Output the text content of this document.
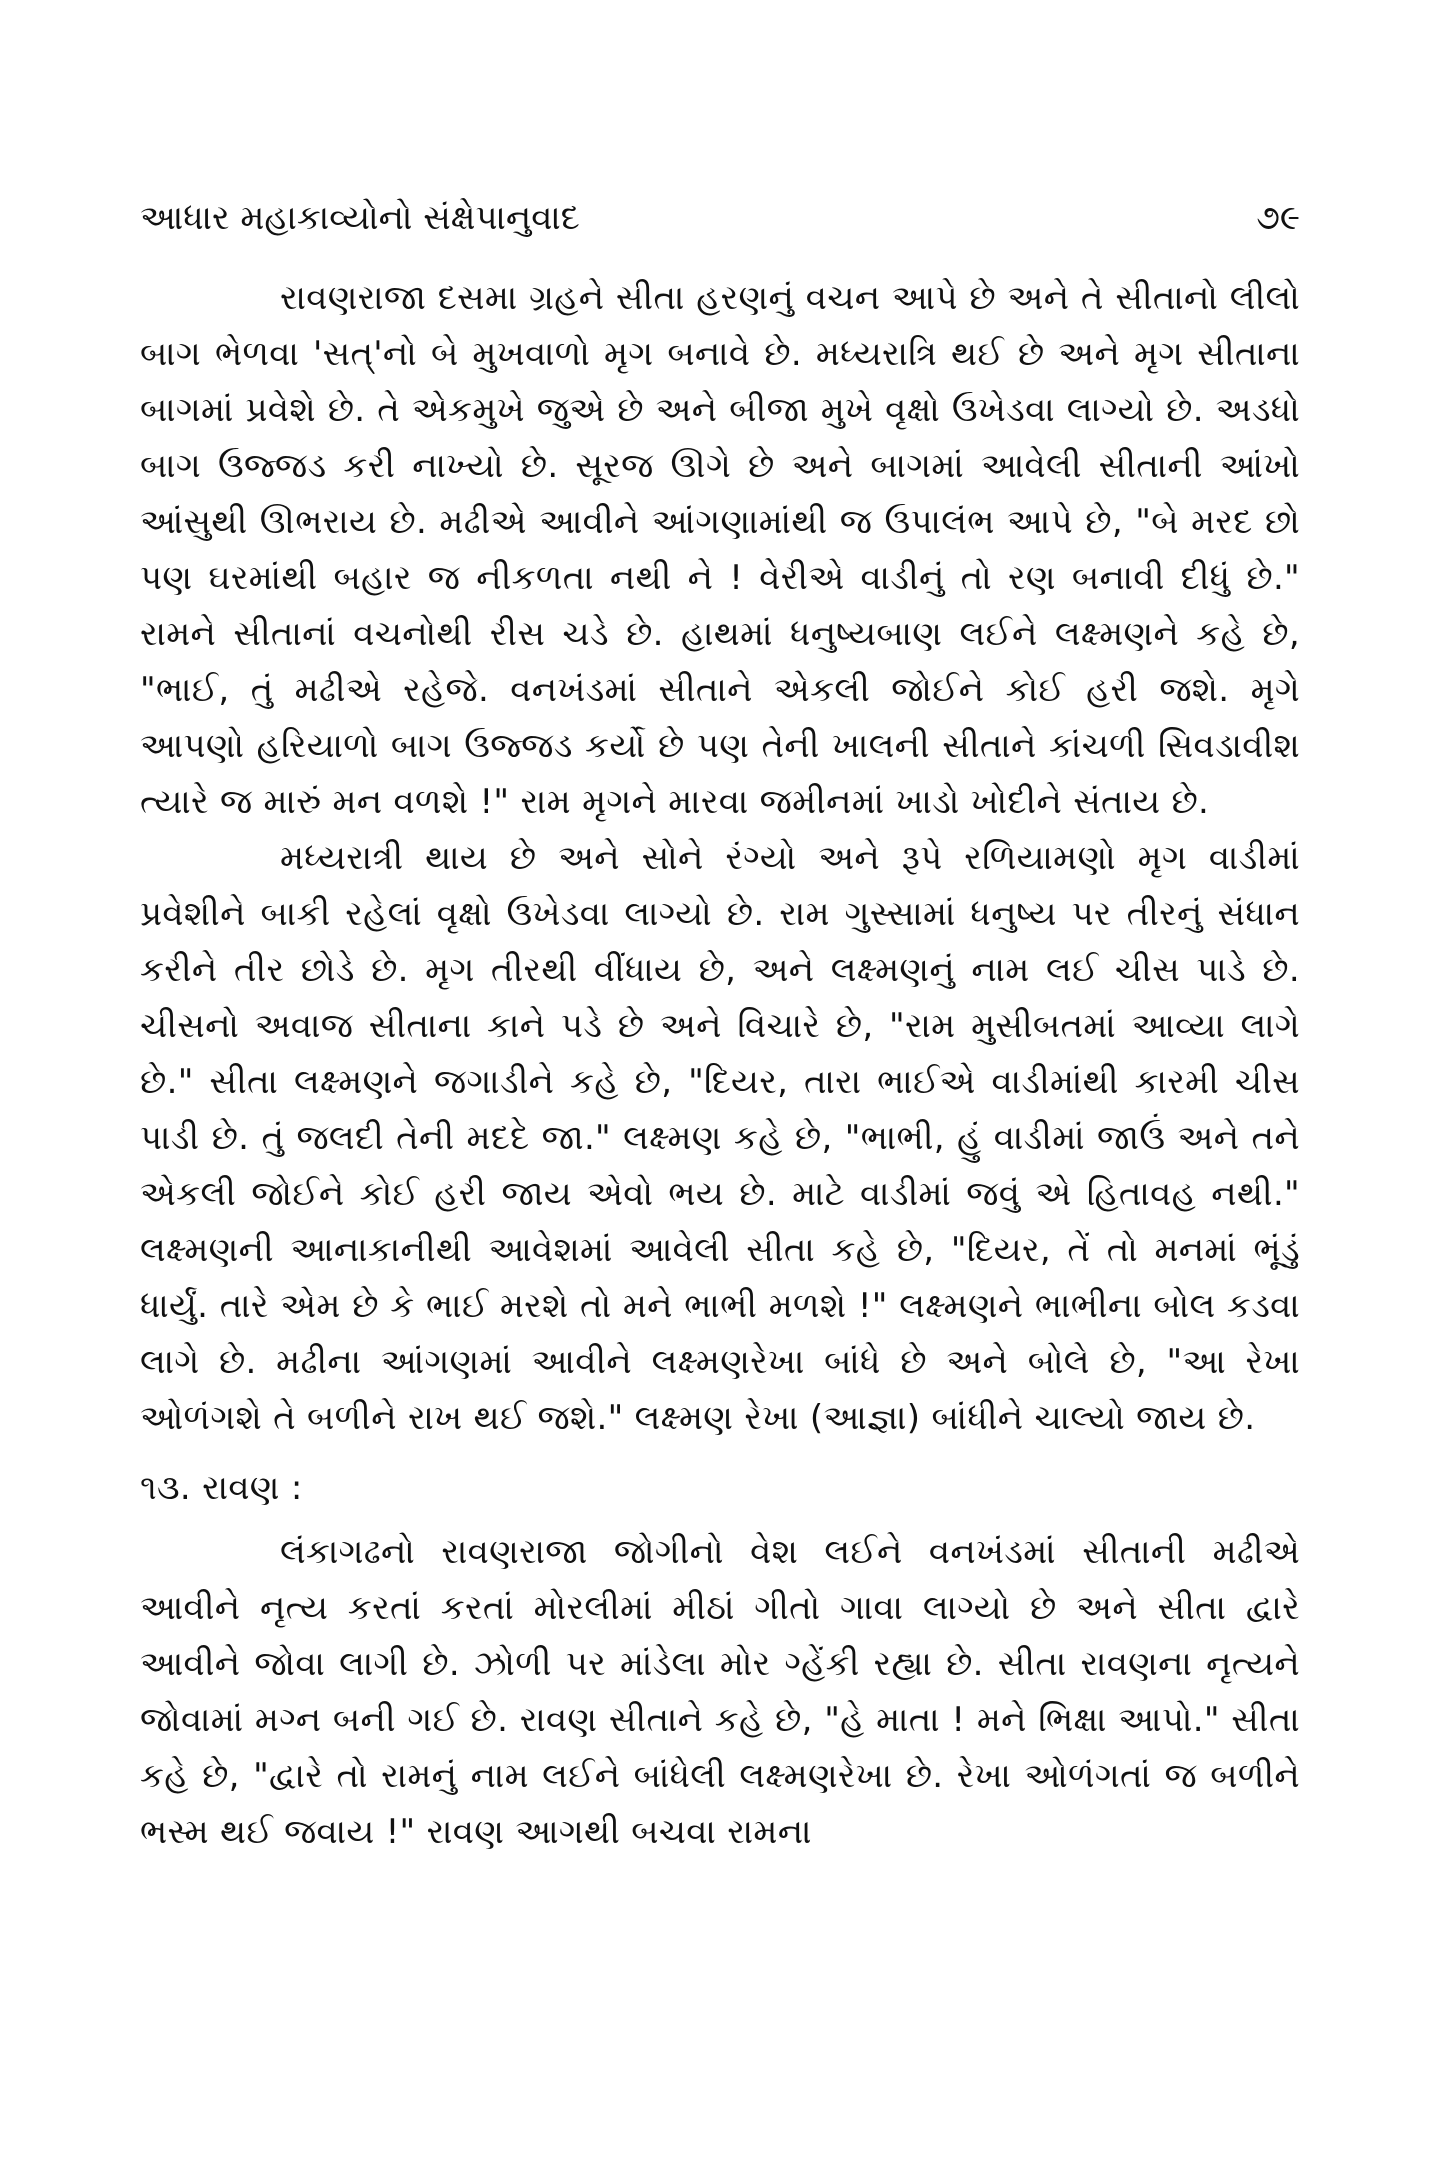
આધાર મહાકાવ્યોનો સંક્ષેપાનુવાદ	૭૯

રાવણરાજા દસમા ગ્રહને સીતા હરણનું વચન આપે છે અને તે સીતાનો લીલો બાગ ભેળવા 'સત્'નો બે મુખવાળો મૃગ બનાવે છે. મધ્યરાત્રિ થઈ છે અને મૃગ સીતાના બાગમાં પ્રવેશે છે. તે એકમુખે જુએ છે અને બીજા મુખે વૃક્ષો ઉખેડવા લાગ્યો છે. અડધો બાગ ઉજ્જડ કરી નાખ્યો છે. સૂરજ ઊગે છે અને બાગમાં આવેલી સીતાની આંખો આંસુથી ઊભરાય છે. મઢીએ આવીને આંગણામાંથી જ ઉપાલંભ આપે છે, "બે મરદ છો પણ ઘરમાંથી બહાર જ નીકળતા નથી ને ! વેરીએ વાડીનું તો રણ બનાવી દીધું છે." રામને સીતાનાં વચનોથી રીસ ચડે છે. હાથમાં ધનુષ્યબાણ લઈને લક્ષ્મણને કહે છે, "ભાઈ, તું મઢીએ રહેજે. વનખંડમાં સીતાને એકલી જોઈને કોઈ હરી જશે. મૃગે આપણો હરિયાળો બાગ ઉજ્જડ કર્યો છે પણ તેની ખાલની સીતાને કાંચળી સિવડાવીશ ત્યારે જ મારું મન વળશે !" રામ મૃગને મારવા જમીનમાં ખાડો ખોદીને સંતાય છે.

મધ્યરાત્રી થાય છે અને સોને રંગ્યો અને રૂપે રળિયામણો મૃગ વાડીમાં પ્રવેશીને બાકી રહેલાં વૃક્ષો ઉખેડવા લાગ્યો છે. રામ ગુસ્સામાં ધનુષ્ય પર તીરનું સંધાન કરીને તીર છોડે છે. મૃગ તીરથી વીંધાય છે, અને લક્ષ્મણનું નામ લઈ ચીસ પાડે છે. ચીસનો અવાજ સીતાના કાને પડે છે અને વિચારે છે, "રામ મુસીબતમાં આવ્યા લાગે છે." સીતા લક્ષ્મણને જગાડીને કહે છે, "દિયર, તારા ભાઈએ વાડીમાંથી કારમી ચીસ પાડી છે. તું જલદી તેની મદદે જા." લક્ષ્મણ કહે છે, "ભાભી, હું વાડીમાં જાઉં અને તને એકલી જોઈને કોઈ હરી જાય એવો ભય છે. માટે વાડીમાં જવું એ હિતાવહ નથી." લક્ષ્મણની આનાકાનીથી આવેશમાં આવેલી સીતા કહે છે, "દિયર, તેં તો મનમાં ભૂંડું ધાર્યું. તારે એમ છે કે ભાઈ મરશે તો મને ભાભી મળશે !" લક્ષ્મણને ભાભીના બોલ કડવા લાગે છે. મઢીના આંગણમાં આવીને લક્ષ્મણરેખા બાંધે છે અને બોલે છે, "આ રેખા ઓળંગશે તે બળીને રાખ થઈ જશે." લક્ષ્મણ રેખા (આજ્ઞા) બાંધીને ચાલ્યો જાય છે.

૧૩. રાવણ :

લંકાગઢનો રાવણરાજા જોગીનો વેશ લઈને વનખંડમાં સીતાની મઢીએ આવીને નૃત્ય કરતાં કરતાં મોરલીમાં મીઠાં ગીતો ગાવા લાગ્યો છે અને સીતા દ્વારે આવીને જોવા લાગી છે. ઝોળી પર માંડેલા મોર ગ્હેંકી રહ્યા છે. સીતા રાવણના નૃત્યને જોવામાં મગ્ન બની ગઈ છે. રાવણ સીતાને કહે છે, "હે માતા ! મને ભિક્ષા આપો." સીતા કહે છે, "દ્વારે તો રામનું નામ લઈને બાંધેલી લક્ષ્મણરેખા છે. રેખા ઓળંગતાં જ બળીને ભસ્મ થઈ જવાય !" રાવણ આગથી બચવા રામના
